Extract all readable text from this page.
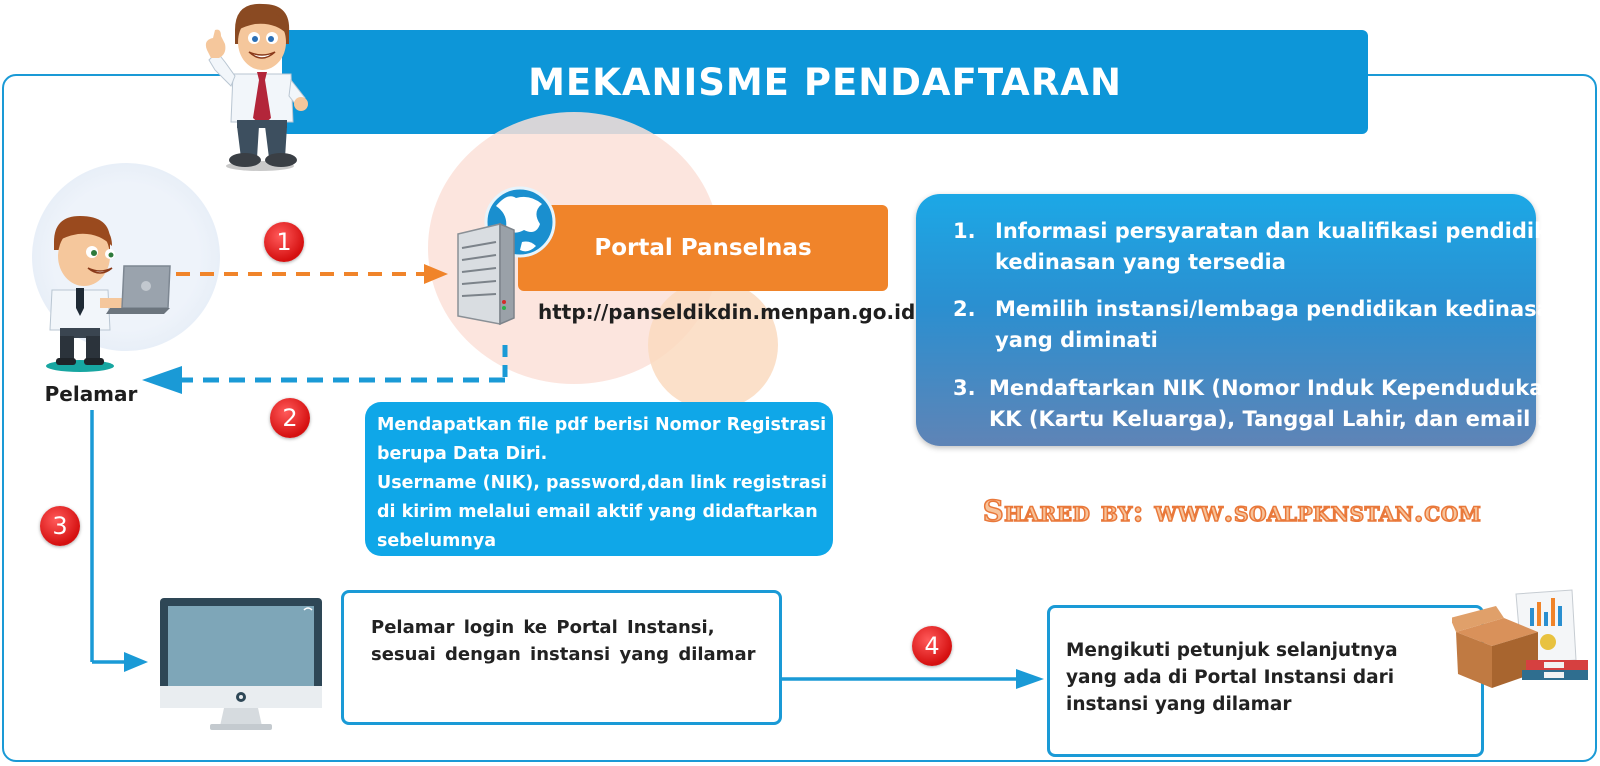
MEKANISME PENDAFTARAN
Pelamar
Portal Panselnas
http://panseldikdin.menpan.go.id
1
2
3
4
Mendapatkan file pdf berisi Nomor Registrasi
berupa Data Diri.
Username (NIK), password,dan link registrasi
di kirim melalui email aktif yang didaftarkan
sebelumnya
1. Informasi persyaratan dan kualifikasi pendidikan
kedinasan yang tersedia
2. Memilih instansi/lembaga pendidikan kedinasan
yang diminati
3. Mendaftarkan NIK (Nomor Induk Kependudukan),
KK (Kartu Keluarga), Tanggal Lahir, dan email aktif
Shared by: www.soalpknstan.com
Pelamar login ke Portal Instansi,
sesuai dengan instansi yang dilamar	Mengikuti petunjuk selanjutnya
yang ada di Portal Instansi dari
instansi yang dilamar
